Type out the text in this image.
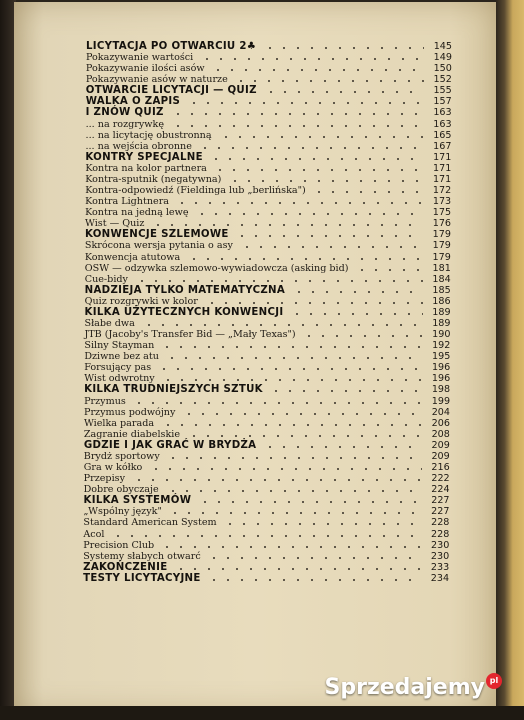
LICYTACJA PO OTWARCIU 2♣	145
Pokazywanie wartości	149
Pokazywanie ilości asów	150
Pokazywanie asów w naturze	152
OTWARCIE LICYTACJI — QUIZ	155
WALKA O ZAPIS	157
I ZNÓW QUIZ	163
... na rozgrywkę	163
... na licytację obustronną	165
... na wejścia obronne	167
KONTRY SPECJALNE	171
Kontra na kolor partnera	171
Kontra-sputnik (negatywna)	171
Kontra-odpowiedź (Fieldinga lub „berlińska")	172
Kontra Lightnera	173
Kontra na jedną lewę	175
Wist — Quiz	176
KONWENCJE SZLEMOWE	179
Skrócona wersja pytania o asy	179
Konwencja atutowa	179
OSW — odzywka szlemowo-wywiadowcza (asking bid)	181
Cue-bidy	184
NADZIEJA TYLKO MATEMATYCZNA	185
Quiz rozgrywki w kolor	186
KILKA UŻYTECZNYCH KONWENCJI	189
Słabe dwa	189
JTB (Jacoby's Transfer Bid — „Mały Texas")	190
Silny Stayman	192
Dziwne bez atu	195
Forsujący pas	196
Wist odwrotny	196
KILKA TRUDNIEJSZYCH SZTUK	198
Przymus	199
Przymus podwójny	204
Wielka parada	206
Zagranie diabelskie	208
GDZIE I JAK GRAĆ W BRYDŻA	209
Brydż sportowy	209
Gra w kółko	216
Przepisy	222
Dobre obyczaje	224
KILKA SYSTEMÓW	227
„Wspólny język"	227
Standard American System	228
Acol	228
Precision Club	230
Systemy słabych otwarć	230
ZAKOŃCZENIE	233
TESTY LICYTACYJNE	234
Sprzedajemy pl
